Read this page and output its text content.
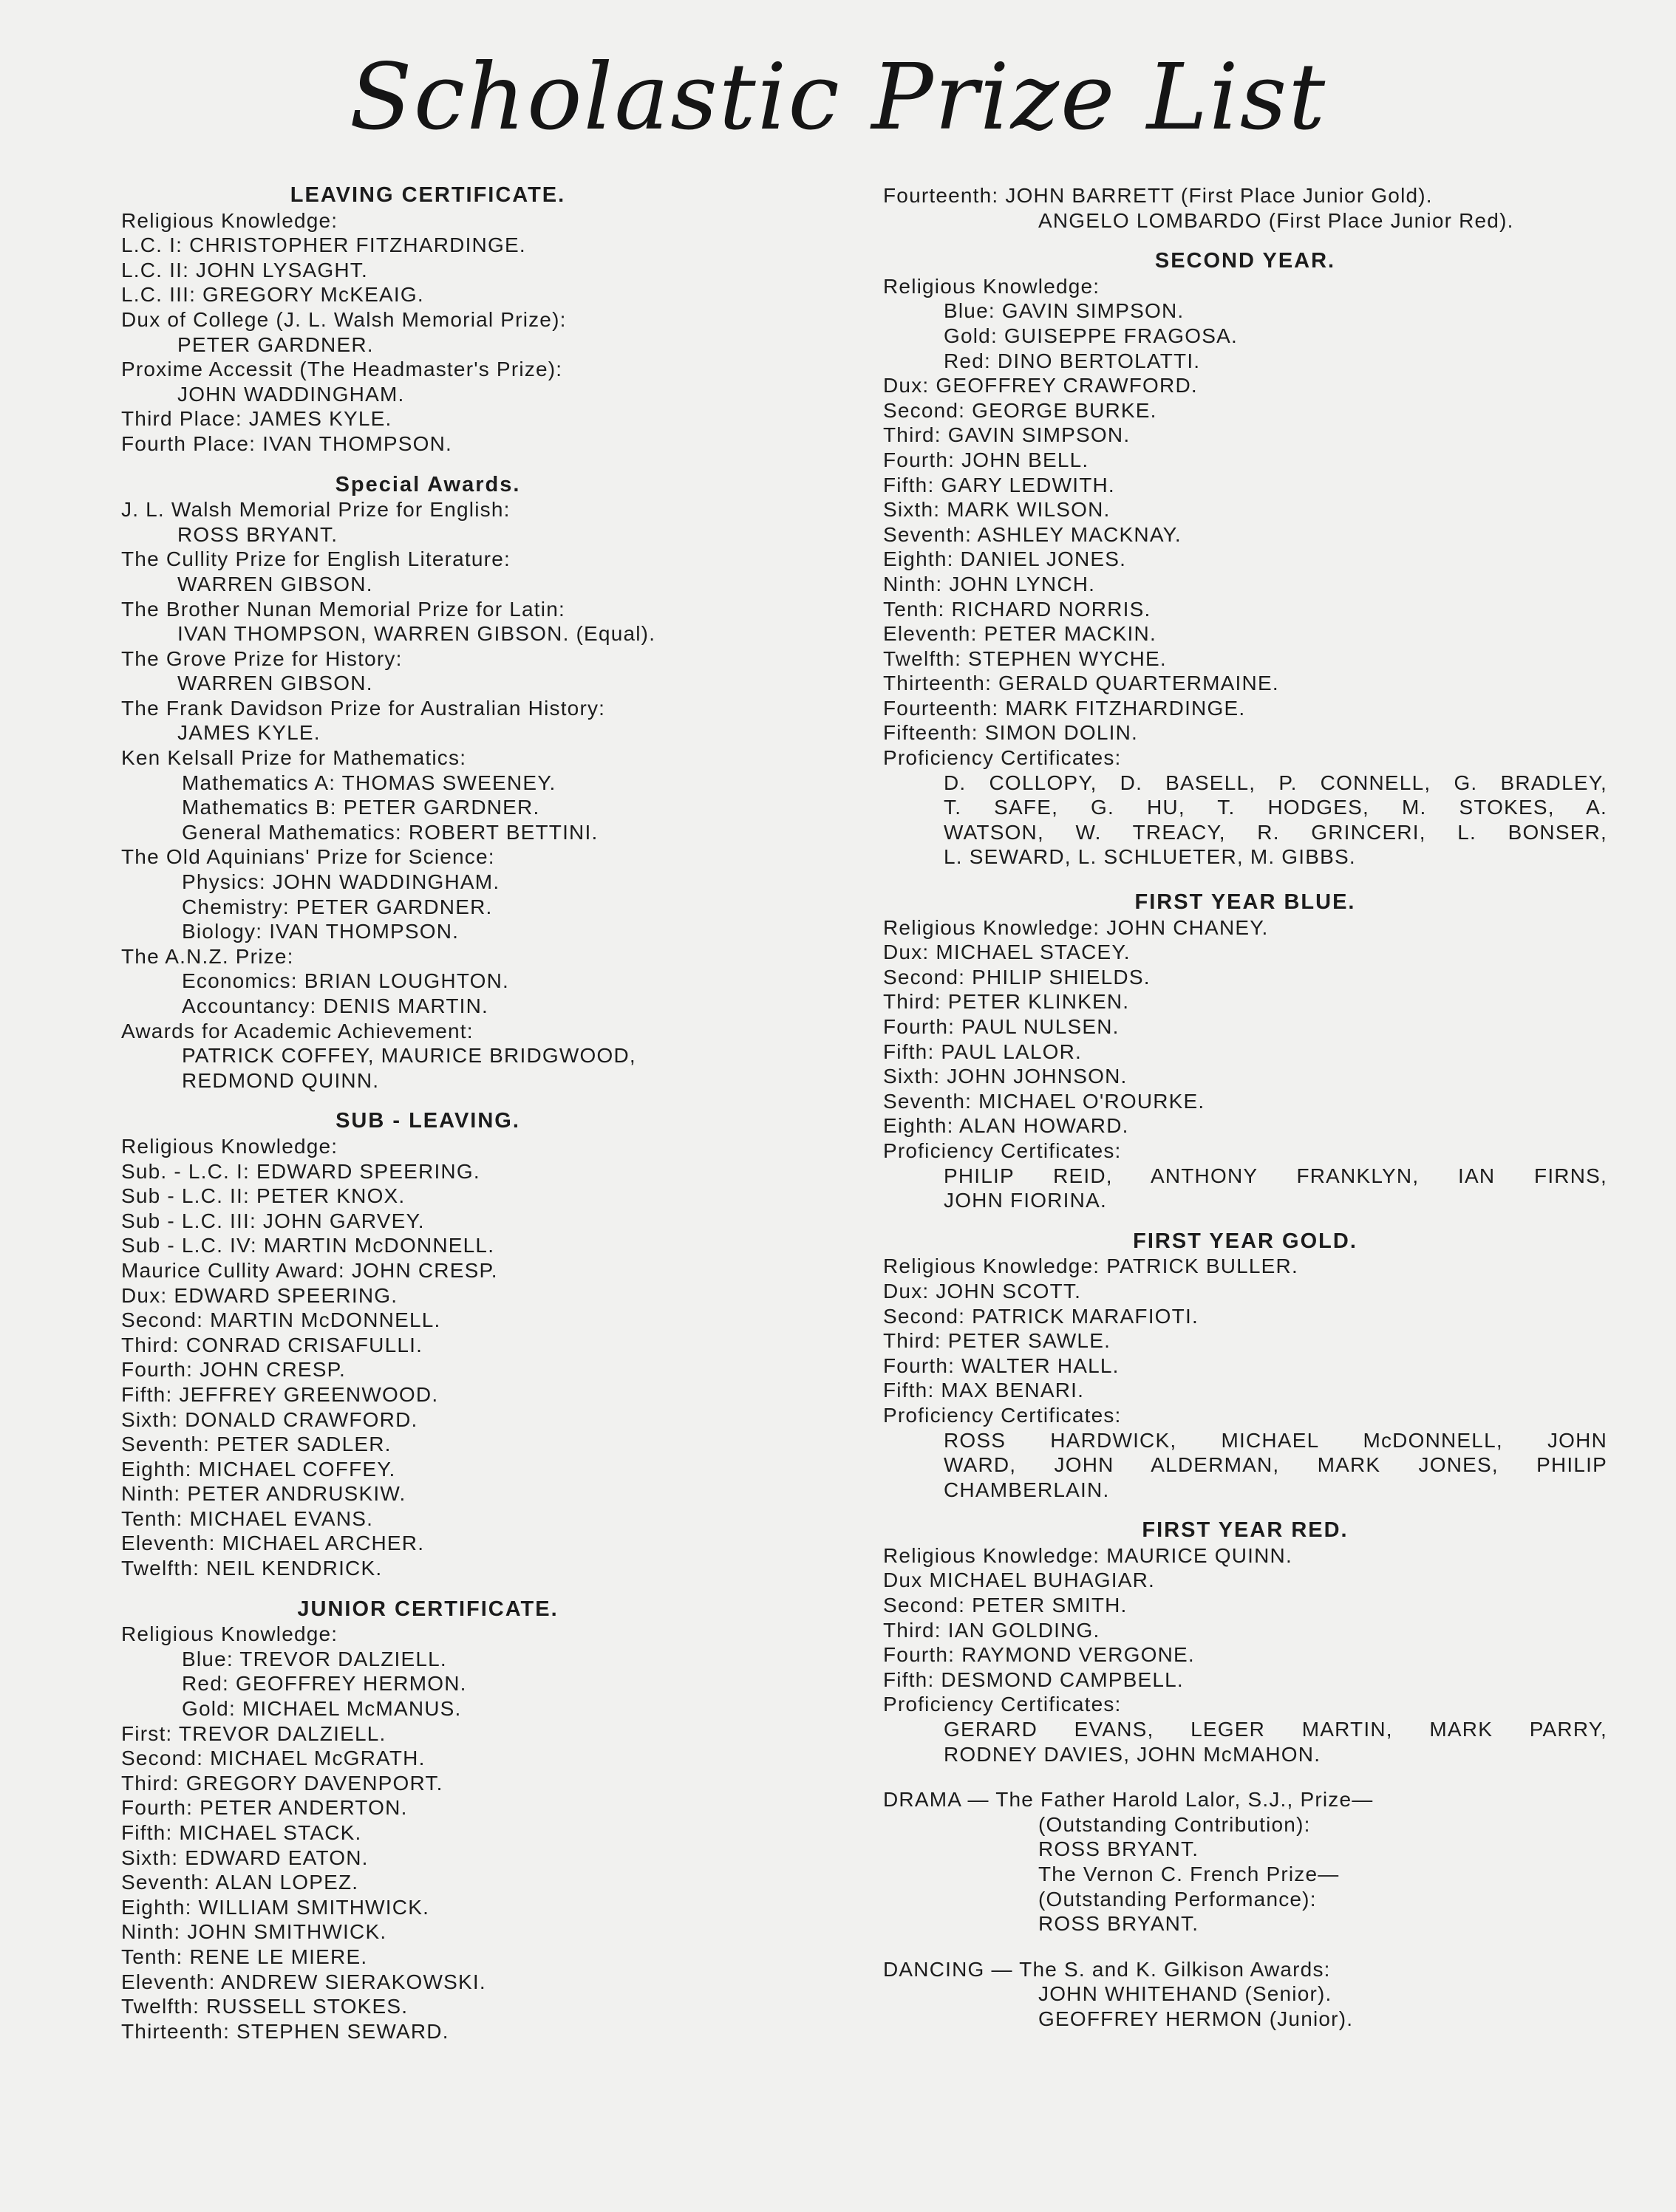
Scholastic Prize List
LEAVING CERTIFICATE.
Religious Knowledge:
L.C. I: CHRISTOPHER FITZHARDINGE.
L.C. II: JOHN LYSAGHT.
L.C. III: GREGORY McKEAIG.
Dux of College (J. L. Walsh Memorial Prize):
PETER GARDNER.
Proxime Accessit (The Headmaster's Prize):
JOHN WADDINGHAM.
Third Place: JAMES KYLE.
Fourth Place: IVAN THOMPSON.
Special Awards.
J. L. Walsh Memorial Prize for English:
ROSS BRYANT.
The Cullity Prize for English Literature:
WARREN GIBSON.
The Brother Nunan Memorial Prize for Latin:
IVAN THOMPSON, WARREN GIBSON. (Equal).
The Grove Prize for History:
WARREN GIBSON.
The Frank Davidson Prize for Australian History:
JAMES KYLE.
Ken Kelsall Prize for Mathematics:
Mathematics A: THOMAS SWEENEY.
Mathematics B: PETER GARDNER.
General Mathematics: ROBERT BETTINI.
The Old Aquinians' Prize for Science:
Physics: JOHN WADDINGHAM.
Chemistry: PETER GARDNER.
Biology: IVAN THOMPSON.
The A.N.Z. Prize:
Economics: BRIAN LOUGHTON.
Accountancy: DENIS MARTIN.
Awards for Academic Achievement:
PATRICK COFFEY, MAURICE BRIDGWOOD,
REDMOND QUINN.
SUB - LEAVING.
Religious Knowledge:
Sub. - L.C. I: EDWARD SPEERING.
Sub - L.C. II: PETER KNOX.
Sub - L.C. III: JOHN GARVEY.
Sub - L.C. IV: MARTIN McDONNELL.
Maurice Cullity Award: JOHN CRESP.
Dux: EDWARD SPEERING.
Second: MARTIN McDONNELL.
Third: CONRAD CRISAFULLI.
Fourth: JOHN CRESP.
Fifth: JEFFREY GREENWOOD.
Sixth: DONALD CRAWFORD.
Seventh: PETER SADLER.
Eighth: MICHAEL COFFEY.
Ninth: PETER ANDRUSKIW.
Tenth: MICHAEL EVANS.
Eleventh: MICHAEL ARCHER.
Twelfth: NEIL KENDRICK.
JUNIOR CERTIFICATE.
Religious Knowledge:
Blue: TREVOR DALZIELL.
Red: GEOFFREY HERMON.
Gold: MICHAEL McMANUS.
First: TREVOR DALZIELL.
Second: MICHAEL McGRATH.
Third: GREGORY DAVENPORT.
Fourth: PETER ANDERTON.
Fifth: MICHAEL STACK.
Sixth: EDWARD EATON.
Seventh: ALAN LOPEZ.
Eighth: WILLIAM SMITHWICK.
Ninth: JOHN SMITHWICK.
Tenth: RENE LE MIERE.
Eleventh: ANDREW SIERAKOWSKI.
Twelfth: RUSSELL STOKES.
Thirteenth: STEPHEN SEWARD.
Fourteenth: JOHN BARRETT (First Place Junior Gold).
ANGELO LOMBARDO (First Place Junior Red).
SECOND YEAR.
Religious Knowledge:
Blue: GAVIN SIMPSON.
Gold: GUISEPPE FRAGOSA.
Red: DINO BERTOLATTI.
Dux: GEOFFREY CRAWFORD.
Second: GEORGE BURKE.
Third: GAVIN SIMPSON.
Fourth: JOHN BELL.
Fifth: GARY LEDWITH.
Sixth: MARK WILSON.
Seventh: ASHLEY MACKNAY.
Eighth: DANIEL JONES.
Ninth: JOHN LYNCH.
Tenth: RICHARD NORRIS.
Eleventh: PETER MACKIN.
Twelfth: STEPHEN WYCHE.
Thirteenth: GERALD QUARTERMAINE.
Fourteenth: MARK FITZHARDINGE.
Fifteenth: SIMON DOLIN.
Proficiency Certificates:
D. COLLOPY, D. BASELL, P. CONNELL, G. BRADLEY,
T. SAFE, G. HU, T. HODGES, M. STOKES, A.
WATSON, W. TREACY, R. GRINCERI, L. BONSER,
L. SEWARD, L. SCHLUETER, M. GIBBS.
FIRST YEAR BLUE.
Religious Knowledge: JOHN CHANEY.
Dux: MICHAEL STACEY.
Second: PHILIP SHIELDS.
Third: PETER KLINKEN.
Fourth: PAUL NULSEN.
Fifth: PAUL LALOR.
Sixth: JOHN JOHNSON.
Seventh: MICHAEL O'ROURKE.
Eighth: ALAN HOWARD.
Proficiency Certificates:
PHILIP REID, ANTHONY FRANKLYN, IAN FIRNS,
JOHN FIORINA.
FIRST YEAR GOLD.
Religious Knowledge: PATRICK BULLER.
Dux: JOHN SCOTT.
Second: PATRICK MARAFIOTI.
Third: PETER SAWLE.
Fourth: WALTER HALL.
Fifth: MAX BENARI.
Proficiency Certificates:
ROSS HARDWICK, MICHAEL McDONNELL, JOHN
WARD, JOHN ALDERMAN, MARK JONES, PHILIP
CHAMBERLAIN.
FIRST YEAR RED.
Religious Knowledge: MAURICE QUINN.
Dux MICHAEL BUHAGIAR.
Second: PETER SMITH.
Third: IAN GOLDING.
Fourth: RAYMOND VERGONE.
Fifth: DESMOND CAMPBELL.
Proficiency Certificates:
GERARD EVANS, LEGER MARTIN, MARK PARRY,
RODNEY DAVIES, JOHN McMAHON.
DRAMA — The Father Harold Lalor, S.J., Prize—
(Outstanding Contribution):
ROSS BRYANT.
The Vernon C. French Prize—
(Outstanding Performance):
ROSS BRYANT.
DANCING — The S. and K. Gilkison Awards:
JOHN WHITEHAND (Senior).
GEOFFREY HERMON (Junior).
